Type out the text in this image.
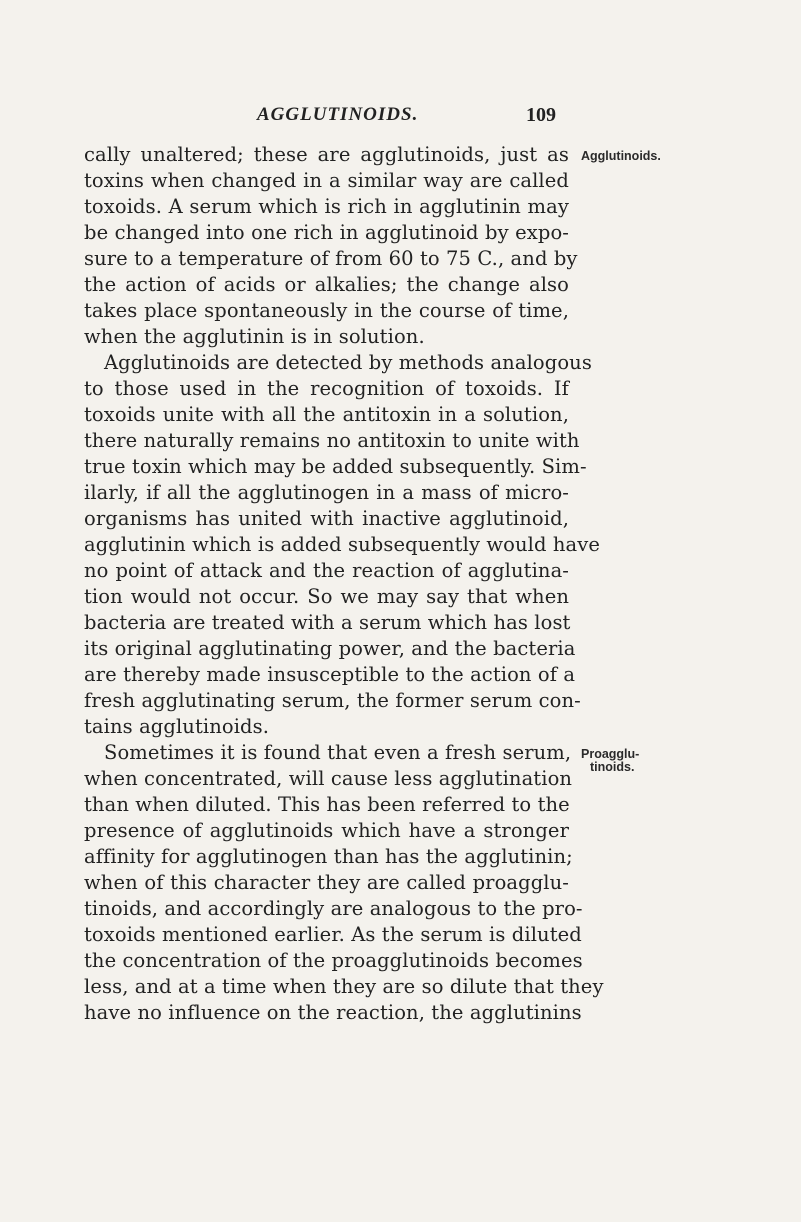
AGGLUTINOIDS.	109
cally unaltered; these are agglutinoids, just as
toxins when changed in a similar way are called
toxoids. A serum which is rich in agglutinin may
be changed into one rich in agglutinoid by expo-
sure to a temperature of from 60 to 75 C., and by
the action of acids or alkalies; the change also
takes place spontaneously in the course of time,
when the agglutinin is in solution.
Agglutinoids are detected by methods analogous
to those used in the recognition of toxoids. If
toxoids unite with all the antitoxin in a solution,
there naturally remains no antitoxin to unite with
true toxin which may be added subsequently. Sim-
ilarly, if all the agglutinogen in a mass of micro-
organisms has united with inactive agglutinoid,
agglutinin which is added subsequently would have
no point of attack and the reaction of agglutina-
tion would not occur. So we may say that when
bacteria are treated with a serum which has lost
its original agglutinating power, and the bacteria
are thereby made insusceptible to the action of a
fresh agglutinating serum, the former serum con-
tains agglutinoids.
Sometimes it is found that even a fresh serum,
when concentrated, will cause less agglutination
than when diluted. This has been referred to the
presence of agglutinoids which have a stronger
affinity for agglutinogen than has the agglutinin;
when of this character they are called proagglu-
tinoids, and accordingly are analogous to the pro-
toxoids mentioned earlier. As the serum is diluted
the concentration of the proagglutinoids becomes
less, and at a time when they are so dilute that they
have no influence on the reaction, the agglutinins
Agglutinoids.
Proagglu-
tinoids.
